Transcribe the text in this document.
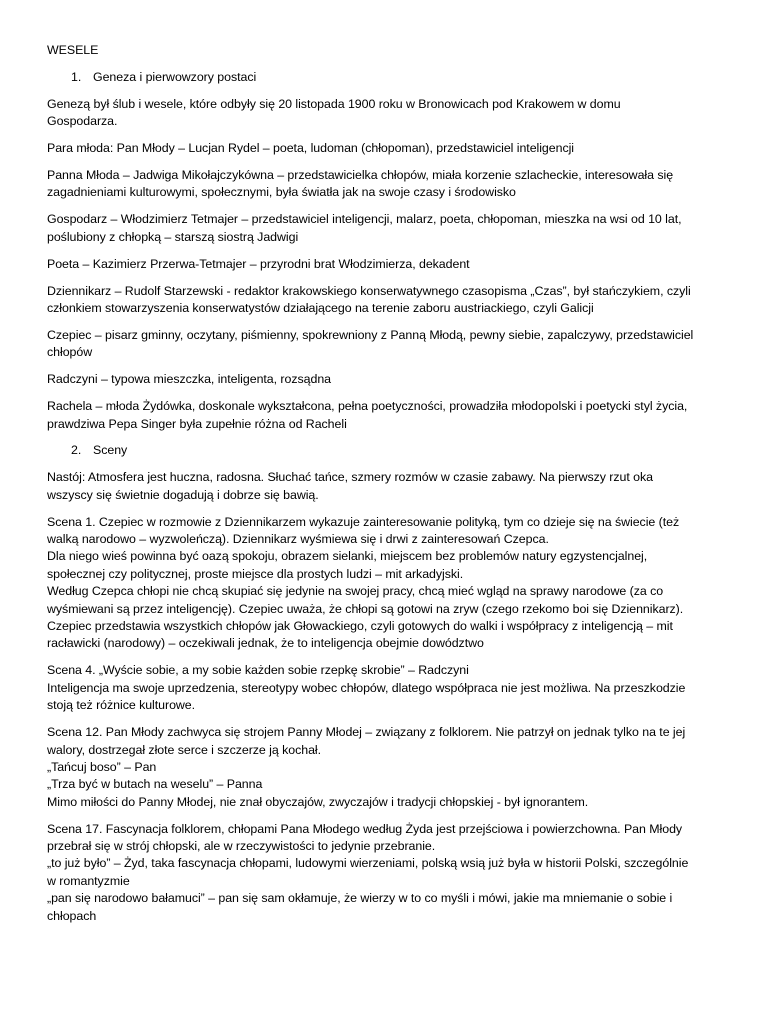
WESELE
1. Geneza i pierwowzory postaci
Genezą był ślub i wesele, które odbyły się 20 listopada 1900 roku w Bronowicach pod Krakowem w domu
Gospodarza.
Para młoda: Pan Młody – Lucjan Rydel – poeta, ludoman (chłopoman), przedstawiciel inteligencji
Panna Młoda – Jadwiga Mikołajczykówna – przedstawicielka chłopów, miała korzenie szlacheckie, interesowała się
zagadnieniami kulturowymi, społecznymi, była światła jak na swoje czasy i środowisko
Gospodarz – Włodzimierz Tetmajer – przedstawiciel inteligencji, malarz, poeta, chłopoman, mieszka na wsi od 10 lat,
poślubiony z chłopką – starszą siostrą Jadwigi
Poeta – Kazimierz Przerwa-Tetmajer – przyrodni brat Włodzimierza, dekadent
Dziennikarz – Rudolf Starzewski - redaktor krakowskiego konserwatywnego czasopisma „Czas”, był stańczykiem, czyli
członkiem stowarzyszenia konserwatystów działającego na terenie zaboru austriackiego, czyli Galicji
Czepiec – pisarz gminny, oczytany, piśmienny, spokrewniony z Panną Młodą, pewny siebie, zapalczywy, przedstawiciel
chłopów
Radczyni – typowa mieszczka, inteligenta, rozsądna
Rachela – młoda Żydówka, doskonale wykształcona, pełna poetyczności, prowadziła młodopolski i poetycki styl życia,
prawdziwa Pepa Singer była zupełnie różna od Racheli
2. Sceny
Nastój: Atmosfera jest huczna, radosna. Słuchać tańce, szmery rozmów w czasie zabawy. Na pierwszy rzut oka
wszyscy się świetnie dogadują i dobrze się bawią.
Scena 1. Czepiec w rozmowie z Dziennikarzem wykazuje zainteresowanie polityką, tym co dzieje się na świecie (też
walką narodowo – wyzwoleńczą). Dziennikarz wyśmiewa się i drwi z zainteresowań Czepca.
Dla niego wieś powinna być oazą spokoju, obrazem sielanki, miejscem bez problemów natury egzystencjalnej,
społecznej czy politycznej, proste miejsce dla prostych ludzi – mit arkadyjski.
Według Czepca chłopi nie chcą skupiać się jedynie na swojej pracy, chcą mieć wgląd na sprawy narodowe (za co
wyśmiewani są przez inteligencję). Czepiec uważa, że chłopi są gotowi na zryw (czego rzekomo boi się Dziennikarz).
Czepiec przedstawia wszystkich chłopów jak Głowackiego, czyli gotowych do walki i współpracy z inteligencją – mit
racławicki (narodowy) – oczekiwali jednak, że to inteligencja obejmie dowództwo
Scena 4. „Wyście sobie, a my sobie każden sobie rzepkę skrobie” – Radczyni
Inteligencja ma swoje uprzedzenia, stereotypy wobec chłopów, dlatego współpraca nie jest możliwa. Na przeszkodzie
stoją też różnice kulturowe.
Scena 12. Pan Młody zachwyca się strojem Panny Młodej – związany z folklorem. Nie patrzył on jednak tylko na te jej
walory, dostrzegał złote serce i szczerze ją kochał.
„Tańcuj boso” – Pan
„Trza być w butach na weselu” – Panna
Mimo miłości do Panny Młodej, nie znał obyczajów, zwyczajów i tradycji chłopskiej - był ignorantem.
Scena 17. Fascynacja folklorem, chłopami Pana Młodego według Żyda jest przejściowa i powierzchowna. Pan Młody
przebrał się w strój chłopski, ale w rzeczywistości to jedynie przebranie.
„to już było” – Żyd, taka fascynacja chłopami, ludowymi wierzeniami, polską wsią już była w historii Polski, szczególnie
w romantyzmie
„pan się narodowo bałamuci” – pan się sam okłamuje, że wierzy w to co myśli i mówi, jakie ma mniemanie o sobie i
chłopach
